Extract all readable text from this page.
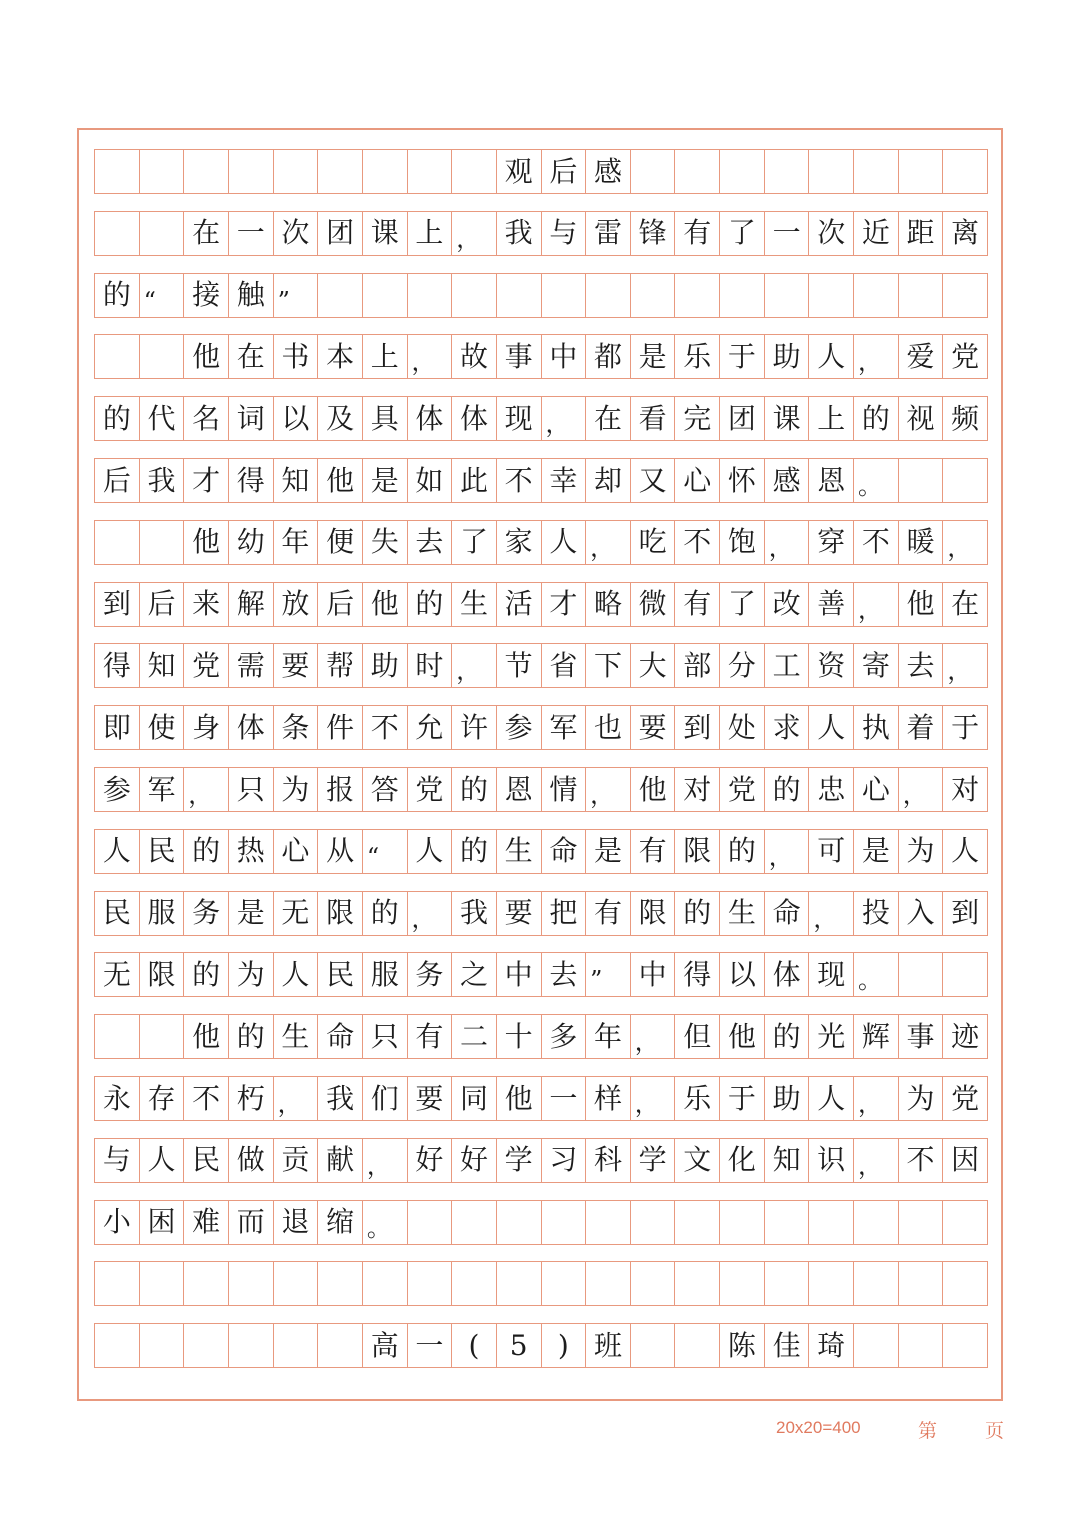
观 后 感
在 一 次 团 课 上 ， 我 与 雷 锋 有 了 一 次 近 距 离
的 “	接 触 ”
他 在 书 本 上 ， 故 事 中 都 是 乐 于 助 人 ， 爱 党
的 代 名 词 以 及 具 体 体 现 ， 在 看 完 团 课 上 的 视 频
后 我 才 得 知 他 是 如 此 不 幸 却 又 心 怀 感 恩 。
他 幼 年 便 失 去 了 家 人 ， 吃 不 饱 ， 穿 不 暖 ，
到 后 来 解 放 后 他 的 生 活 才 略 微 有 了 改 善 ， 他 在
得 知 党 需 要 帮 助 时 ， 节 省 下 大 部 分 工 资 寄 去 ，
即 使 身 体 条 件 不 允 许 参 军 也 要 到 处 求 人 执 着 于
参 军 ， 只 为 报 答 党 的 恩 情 ， 他 对 党 的 忠 心 ， 对
人 民 的 热 心 从 “	人 的 生 命 是 有 限 的 ， 可 是 为 人
民 服 务 是 无 限 的 ， 我 要 把 有 限 的 生 命 ， 投 入 到
无 限 的 为 人 民 服 务 之 中 去 ”	中 得 以 体 现 。
他 的 生 命 只 有 二 十 多 年 ， 但 他 的 光 辉 事 迹
永 存 不 朽 ， 我 们 要 同 他 一 样 ， 乐 于 助 人 ， 为 党
与 人 民 做 贡 献 ， 好 好 学 习 科 学 文 化 知 识 ， 不 因
小 困 难 而 退 缩 。
高 一 (	5	) 班	陈 佳 琦
20x20=400	第	页
